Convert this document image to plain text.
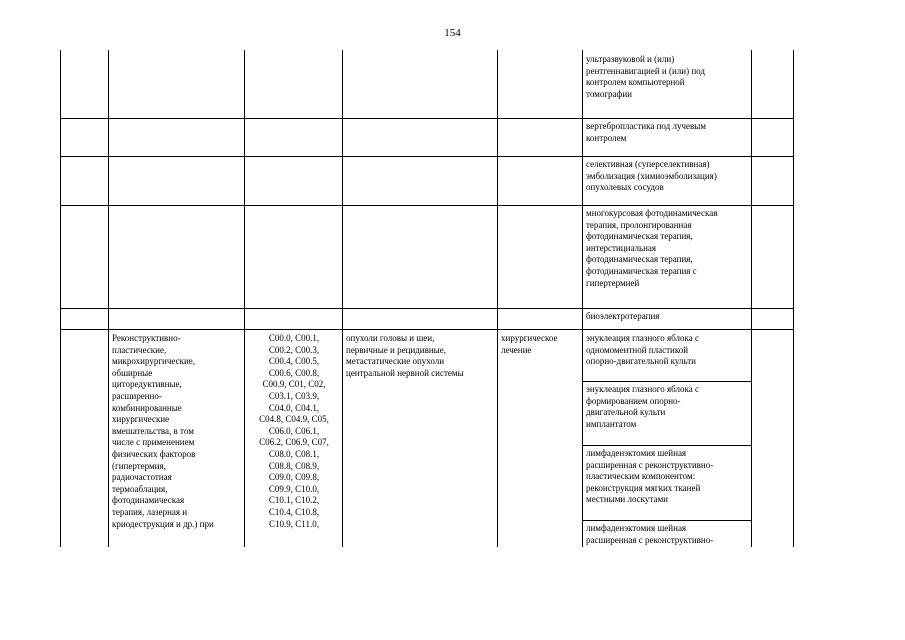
154
ультразвуковой и (или)
рентгеннавигацией и (или) под
контролем компьютерной
томографии
вертебропластика под лучевым
контролем
селективная (суперселективная)
эмболизация (химиоэмболизация)
опухолевых сосудов
многокурсовая фотодинамическая
терапия, пролонгированная
фотодинамическая терапия,
интерстициальная
фотодинамическая терапия,
фотодинамическая терапия с
гипертермией
биоэлектротерапия
Реконструктивно-
пластические,
микрохирургические,
обширные
циторедуктивные,
расширенно-
комбинированные
хирургические
вмешательства, в том
числе с применением
физических факторов
(гипертермия,
радиочастотная
термоаблация,
фотодинамическая
терапия, лазерная и
криодеструкция и др.) при
C00.0, C00.1,
C00.2, C00.3,
C00.4, C00.5,
C00.6, C00.8,
C00.9, C01, C02,
C03.1, C03.9,
C04.0, C04.1,
C04.8, C04.9, C05,
C06.0, C06.1,
C06.2, C06.9, C07,
C08.0, C08.1,
C08.8, C08.9,
C09.0, C09.8,
C09.9, C10.0,
C10.1, C10.2,
C10.4, C10.8,
C10.9, C11.0,
опухоли головы и шеи,
первичные и рецидивные,
метастатические опухоли
центральной нервной системы
хирургическое
лечение
энуклеация глазного яблока с
одномоментной пластикой
опорно-двигательной культи
энуклеация глазного яблока с
формированием опорно-
двигательной культи
имплантатом
лимфаденэктомия шейная
расширенная с реконструктивно-
пластическим компонентом:
реконструкция мягких тканей
местными лоскутами
лимфаденэктомия шейная
расширенная с реконструктивно-
